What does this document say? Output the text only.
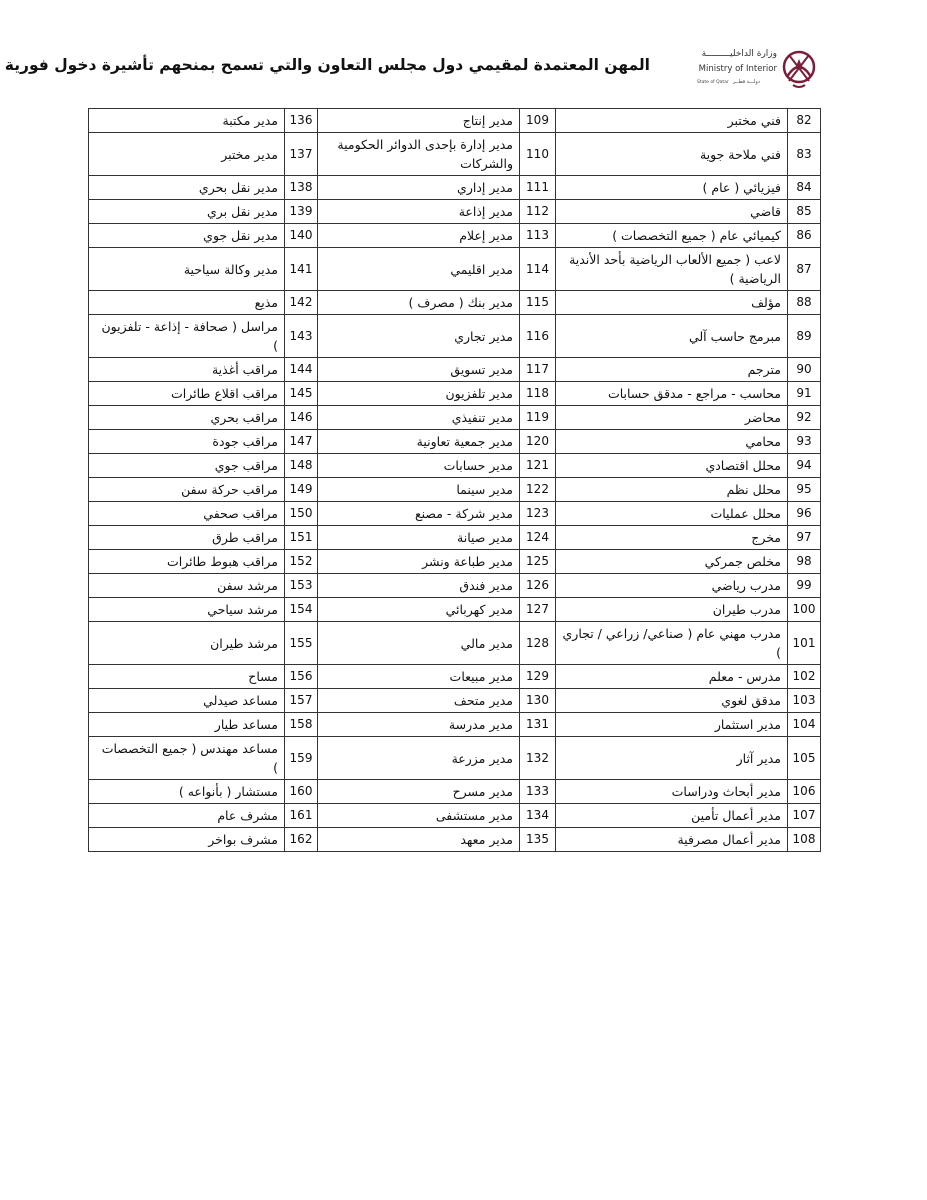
المهن المعتمدة لمقيمي دول مجلس التعاون والتي تسمح بمنحهم تأشيرة دخول فورية
وزارة الداخليـــــــــة
Ministry of Interior
State of Qatar دولـــة قطــر
82	فني مختبر	109	مدير إنتاج	136	مدير مكتبة
83	فني ملاحة جوية	110	مدير إدارة بإحدى الدوائر الحكومية والشركات	137	مدير مختبر
84	فيزيائي ( عام )	111	مدير إداري	138	مدير نقل بحري
85	قاضي	112	مدير إذاعة	139	مدير نقل بري
86	كيميائي عام ( جميع التخصصات )	113	مدير إعلام	140	مدير نقل جوي
87	لاعب ( جميع الألعاب الرياضية بأحد الأندية الرياضية )	114	مدير اقليمي	141	مدير وكالة سياحية
88	مؤلف	115	مدير بنك ( مصرف )	142	مذيع
89	مبرمج حاسب آلي	116	مدير تجاري	143	مراسل ( صحافة - إذاعة - تلفزيون )
90	مترجم	117	مدير تسويق	144	مراقب أغذية
91	محاسب - مراجع - مدقق حسابات	118	مدير تلفزيون	145	مراقب اقلاع طائرات
92	محاضر	119	مدير تنفيذي	146	مراقب بحري
93	محامي	120	مدير جمعية تعاونية	147	مراقب جودة
94	محلل اقتصادي	121	مدير حسابات	148	مراقب جوي
95	محلل نظم	122	مدير سينما	149	مراقب حركة سفن
96	محلل عمليات	123	مدير شركة - مصنع	150	مراقب صحفي
97	مخرج	124	مدير صيانة	151	مراقب طرق
98	مخلص جمركي	125	مدير طباعة ونشر	152	مراقب هبوط طائرات
99	مدرب رياضي	126	مدير فندق	153	مرشد سفن
100	مدرب طيران	127	مدير كهربائي	154	مرشد سياحي
101	مدرب مهني عام ( صناعي/ زراعي / تجاري )	128	مدير مالي	155	مرشد طيران
102	مدرس - معلم	129	مدير مبيعات	156	مساح
103	مدقق لغوي	130	مدير متحف	157	مساعد صيدلي
104	مدير استثمار	131	مدير مدرسة	158	مساعد طيار
105	مدير آثار	132	مدير مزرعة	159	مساعد مهندس ( جميع التخصصات )
106	مدير أبحاث ودراسات	133	مدير مسرح	160	مستشار ( بأنواعه )
107	مدير أعمال تأمين	134	مدير مستشفى	161	مشرف عام
108	مدير أعمال مصرفية	135	مدير معهد	162	مشرف بواخر
